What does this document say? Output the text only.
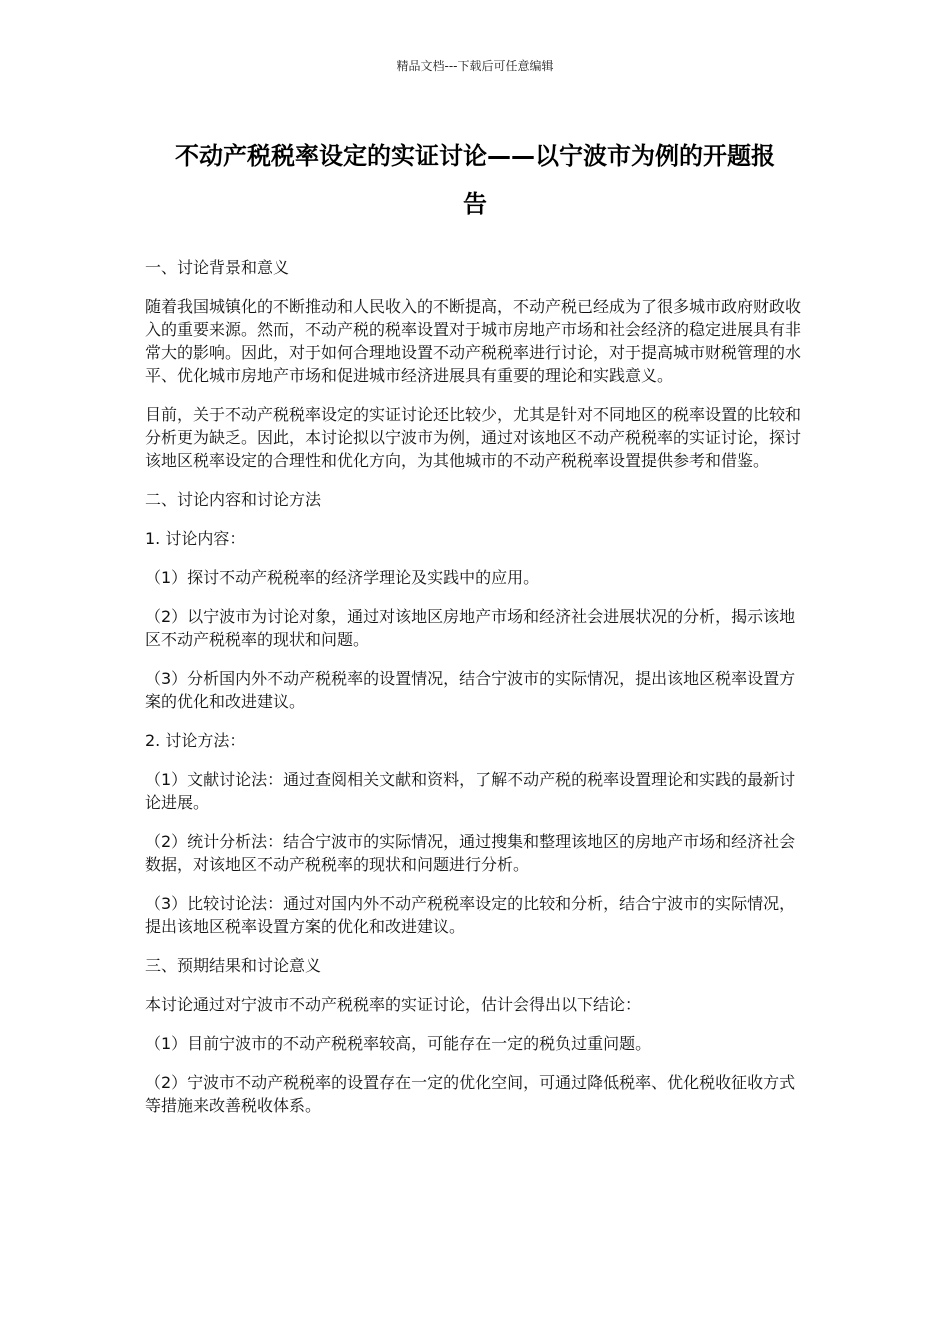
精品文档---下载后可任意编辑
不动产税税率设定的实证讨论——以宁波市为例的开题报
告
一、讨论背景和意义
随着我国城镇化的不断推动和人民收入的不断提高，不动产税已经成为了很多城市政府财政收入的重要来源。然而，不动产税的税率设置对于城市房地产市场和社会经济的稳定进展具有非常大的影响。因此，对于如何合理地设置不动产税税率进行讨论，对于提高城市财税管理的水平、优化城市房地产市场和促进城市经济进展具有重要的理论和实践意义。
目前，关于不动产税税率设定的实证讨论还比较少，尤其是针对不同地区的税率设置的比较和分析更为缺乏。因此，本讨论拟以宁波市为例，通过对该地区不动产税税率的实证讨论，探讨该地区税率设定的合理性和优化方向，为其他城市的不动产税税率设置提供参考和借鉴。
二、讨论内容和讨论方法
1. 讨论内容：
（1）探讨不动产税税率的经济学理论及实践中的应用。
（2）以宁波市为讨论对象，通过对该地区房地产市场和经济社会进展状况的分析，揭示该地区不动产税税率的现状和问题。
（3）分析国内外不动产税税率的设置情况，结合宁波市的实际情况，提出该地区税率设置方案的优化和改进建议。
2. 讨论方法：
（1）文献讨论法：通过查阅相关文献和资料，了解不动产税的税率设置理论和实践的最新讨论进展。
（2）统计分析法：结合宁波市的实际情况，通过搜集和整理该地区的房地产市场和经济社会数据，对该地区不动产税税率的现状和问题进行分析。
（3）比较讨论法：通过对国内外不动产税税率设定的比较和分析，结合宁波市的实际情况，提出该地区税率设置方案的优化和改进建议。
三、预期结果和讨论意义
本讨论通过对宁波市不动产税税率的实证讨论，估计会得出以下结论：
（1）目前宁波市的不动产税税率较高，可能存在一定的税负过重问题。
（2）宁波市不动产税税率的设置存在一定的优化空间，可通过降低税率、优化税收征收方式等措施来改善税收体系。
